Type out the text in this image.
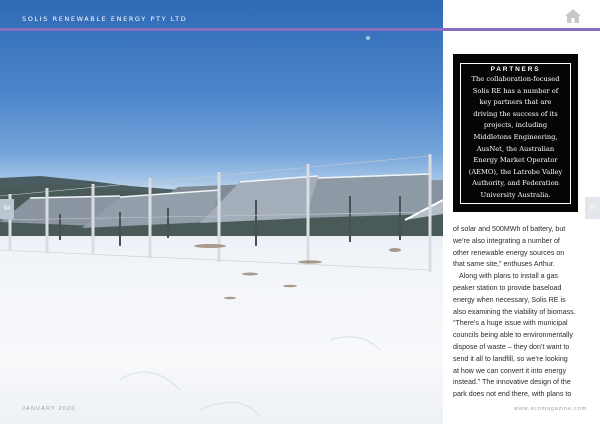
SOLIS RENEWABLE ENERGY PTY LTD
94	95
PARTNERS
The collaboration-focused
Solis RE has a number of
key partners that are
driving the success of its
projects, including
Middletons Engineering,
AusNet, the Australian
Energy Market Operator
(AEMO), the Latrobe Valley
Authority, and Federation
University Australia.
of solar and 500MWh of battery, but
we’re also integrating a number of
other renewable energy sources on
that same site,” enthuses Arthur.
Along with plans to install a gas
peaker station to provide baseload
energy when necessary, Solis RE is
also examining the viability of biomass.
“There’s a huge issue with municipal
councils being able to environmentally
dispose of waste – they don’t want to
send it all to landfill, so we’re looking
at how we can convert it into energy
instead.” The innovative design of the
park does not end there, with plans to
JANUARY 2020	www.ecomagazine.com
